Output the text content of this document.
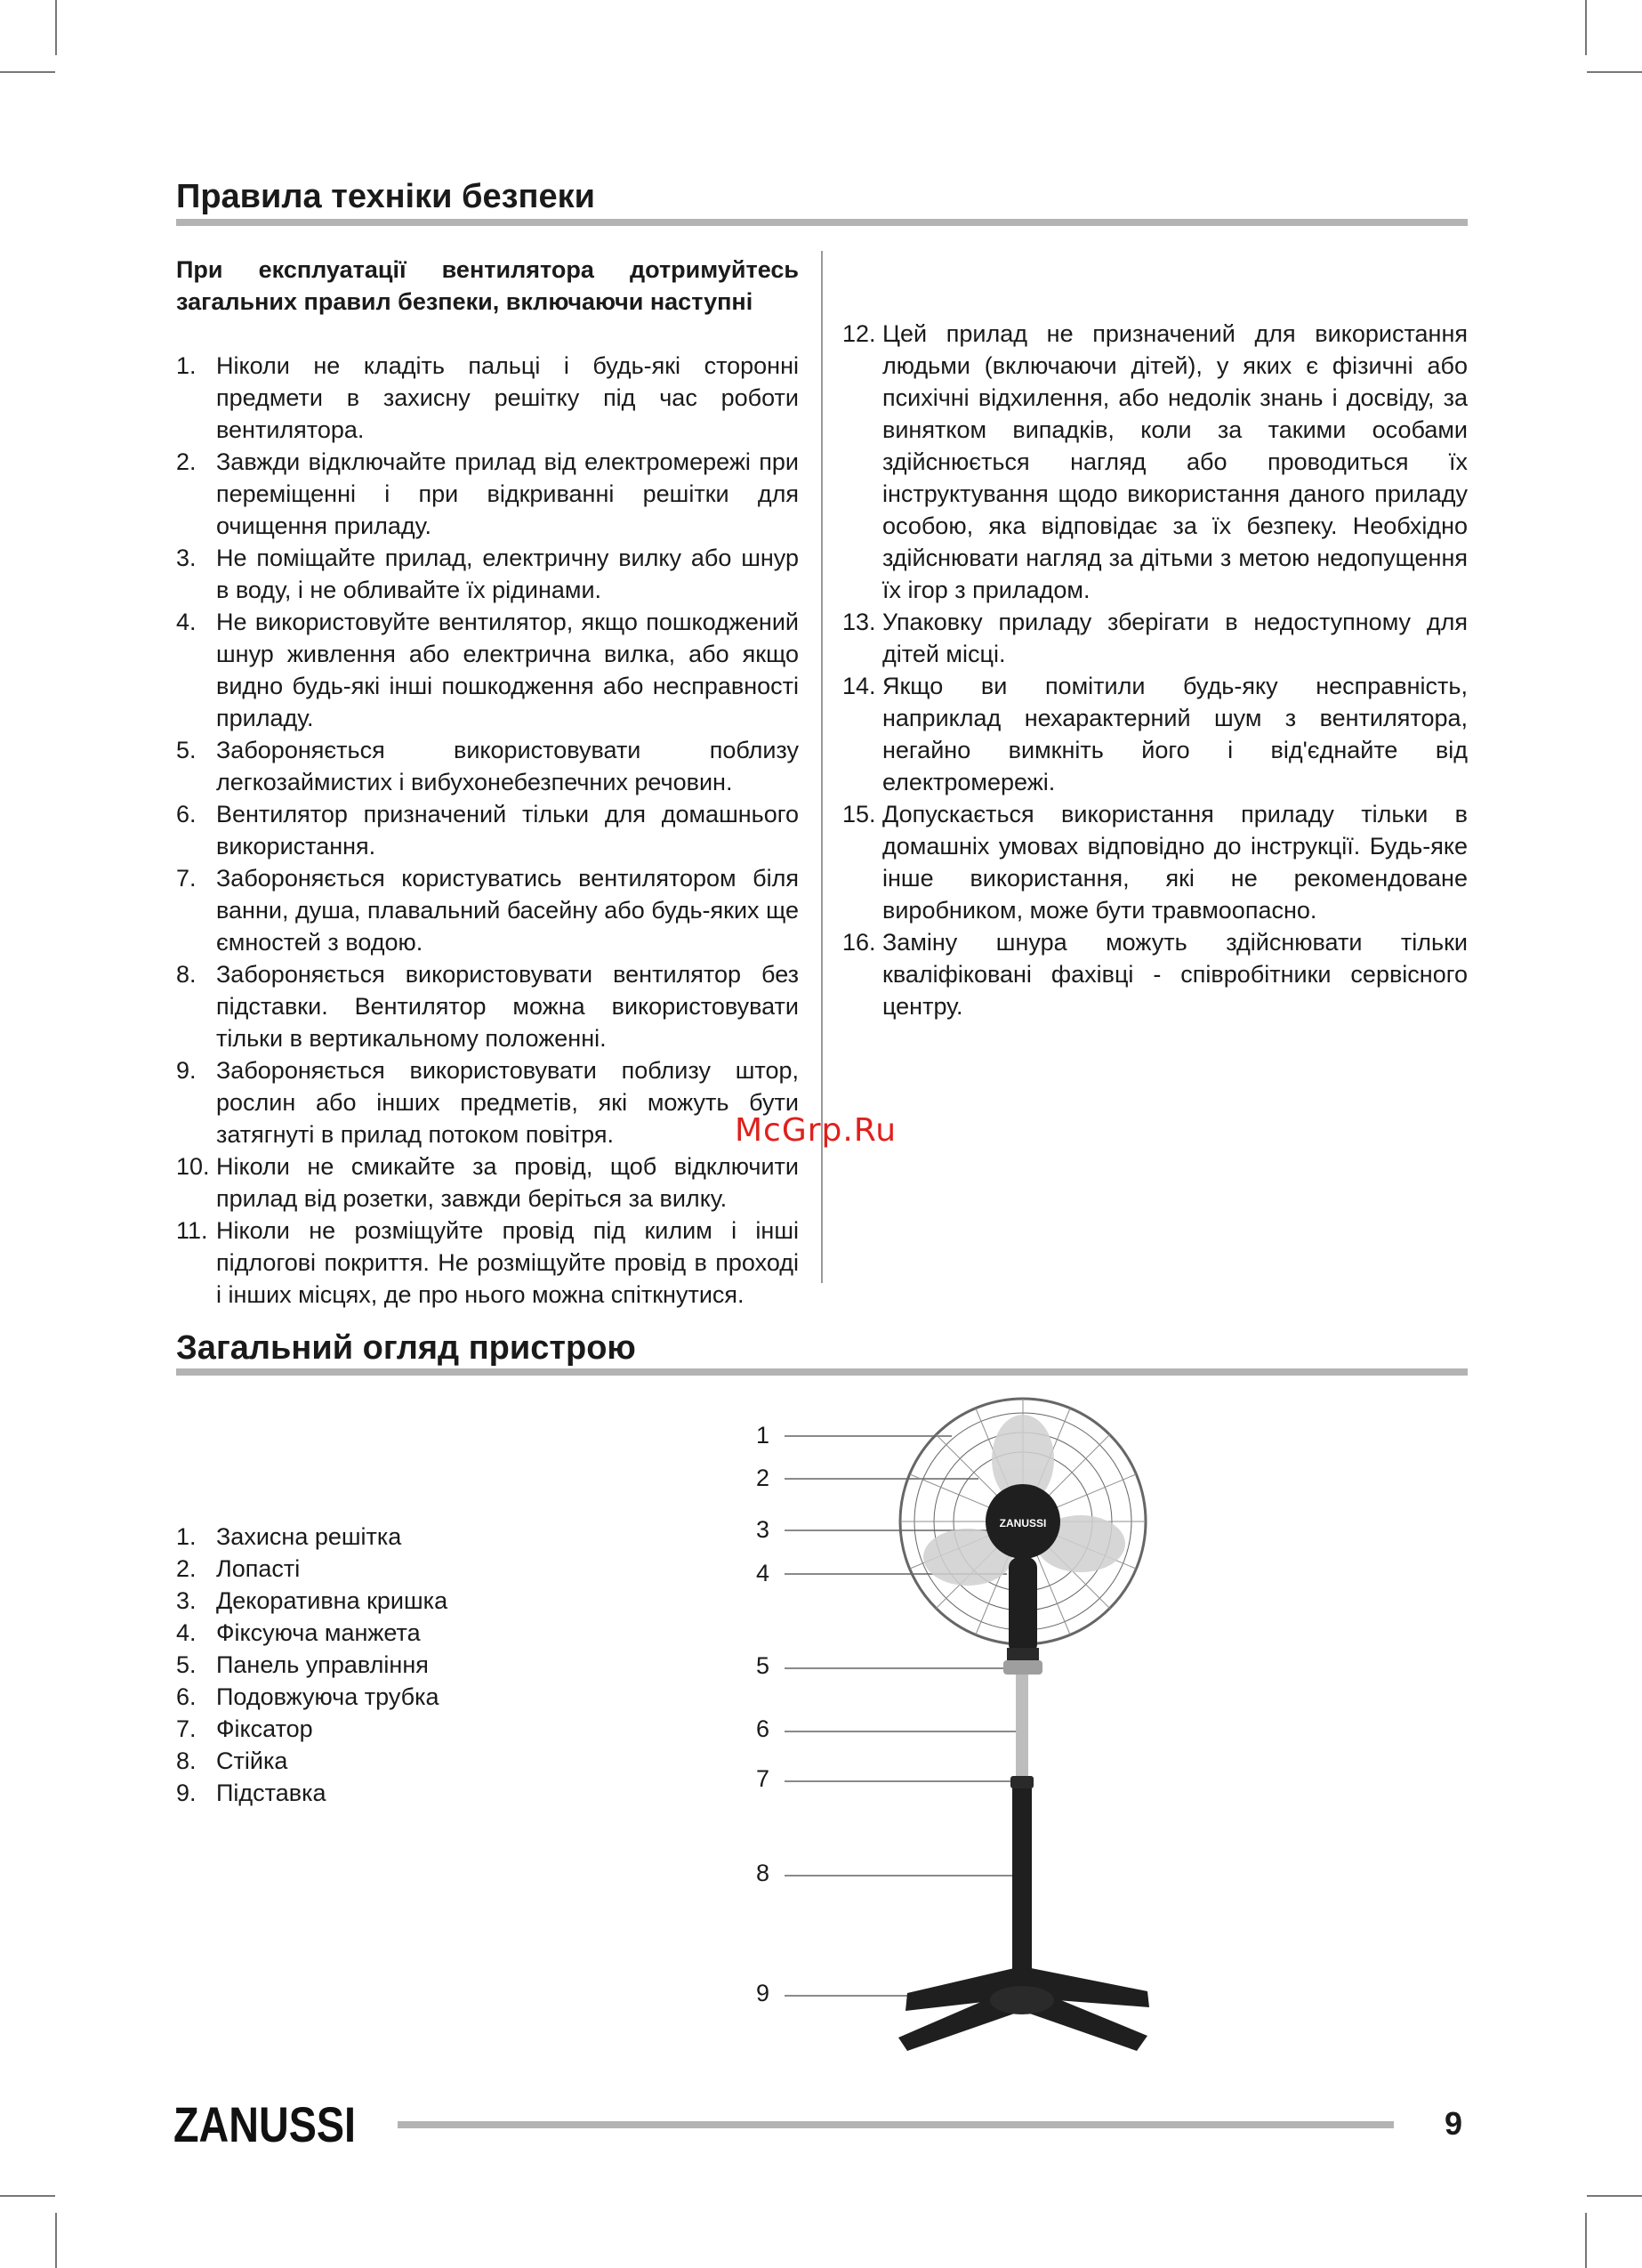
Правила техніки безпеки

При експлуатації вентилятора дотримуйтесь загальних правил безпеки, включаючи наступні

1. Ніколи не кладіть пальці і будь-які сторонні предмети в захисну решітку під час роботи вентилятора.
2. Завжди відключайте прилад від електромережі при переміщенні і при відкриванні решітки для очищення приладу.
3. Не поміщайте прилад, електричну вилку або шнур в воду, і не обливайте їх рідинами.
4. Не використовуйте вентилятор, якщо пошкоджений шнур живлення або електрична вилка, або якщо видно будь-які інші пошкодження або несправності приладу.
5. Забороняється використовувати поблизу легкозаймистих і вибухонебезпечних речовин.
6. Вентилятор призначений тільки для домашнього використання.
7. Забороняється користуватись вентилятором біля ванни, душа, плавальний басейну або будь-яких ще ємностей з водою.
8. Забороняється використовувати вентилятор без підставки. Вентилятор можна використовувати тільки в вертикальному положенні.
9. Забороняється використовувати поблизу штор, рослин або інших предметів, які можуть бути затягнуті в прилад потоком повітря.
10. Ніколи не смикайте за провід, щоб відключити прилад від розетки, завжди беріться за вилку.
11. Ніколи не розміщуйте провід під килим і інші підлогові покриття. Не розміщуйте провід в проході і інших місцях, де про нього можна спіткнутися.
12. Цей прилад не призначений для використання людьми (включаючи дітей), у яких є фізичні або психічні відхилення, або недолік знань і досвіду, за винятком випадків, коли за такими особами здійснюється нагляд або проводиться їх інструктування щодо використання даного приладу особою, яка відповідає за їх безпеку. Необхідно здійснювати нагляд за дітьми з метою недопущення їх ігор з приладом.
13. Упаковку приладу зберігати в недоступному для дітей місці.
14. Якщо ви помітили будь-яку несправність, наприклад нехарактерний шум з вентилятора, негайно вимкніть його і від'єднайте від електромережі.
15. Допускається використання приладу тільки в домашніх умовах відповідно до інструкції. Будь-яке інше використання, які не рекомендоване виробником, може бути травмоопасно.
16. Заміну шнура можуть здійснювати тільки кваліфіковані фахівці - співробітники сервісного центру.
McGrp.Ru
Загальний огляд пристрою
1. Захисна решітка
2. Лопасті
3. Декоративна кришка
4. Фіксуюча манжета
5. Панель управління
6. Подовжуюча трубка
7. Фіксатор
8. Стійка
9. Підставка
1
2
3
4
5
6
7
8
9
ZANUSSI
ZANUSSI	9
